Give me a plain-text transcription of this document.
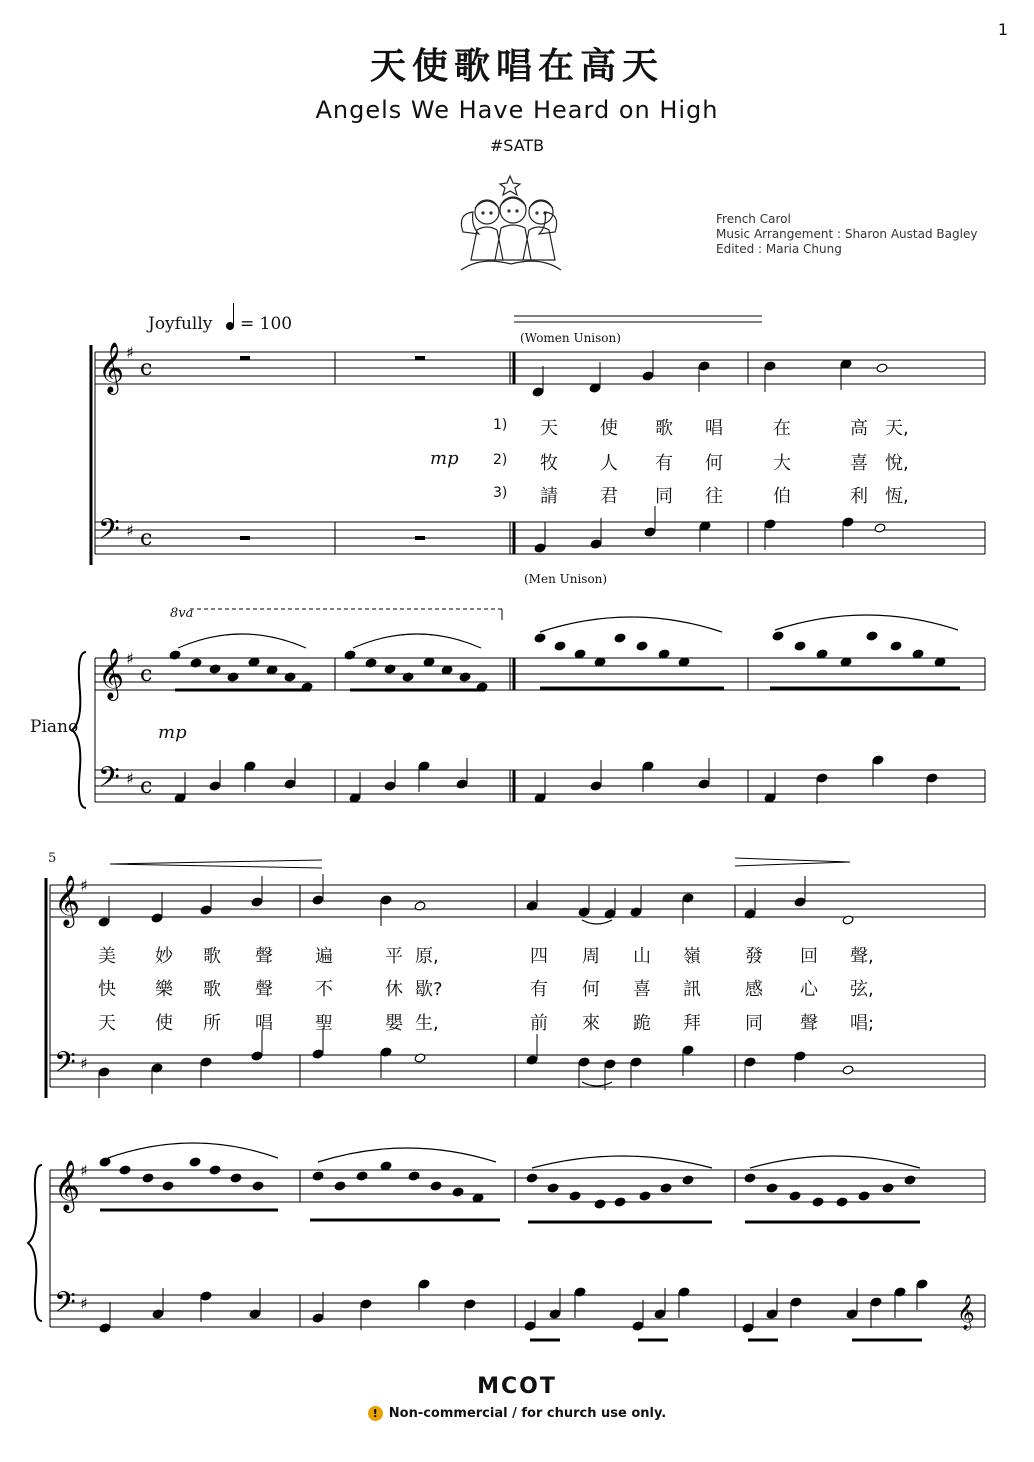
1
天使歌唱在高天
Angels We Have Heard on High
#SATB
French Carol
Music Arrangement : Sharon Austad Bagley
Edited : Maria Chung
Joyfully = 100
(Women Unison)
(Men Unison)
8va
mp
mp
Piano
5
1)
2)
3)
天 使 歌 唱	在	高 天,
牧 人 有 何	大	喜 悅,
請 君 同 往	伯	利 恆,
美 妙 歌 聲 遍	平 原,	四 周 山 嶺 發 回 聲,
快 樂 歌 聲 不	休 歇?	有 何 喜 訊 感 心 弦,
天 使 所 唱 聖	嬰 生,	前 來 跪 拜 同 聲 唱;
𝄞 ♯
c
𝄢 ♯ c
𝄞 ♯
c
𝄢 ♯ c
𝄞 ♯
𝄢 ♯
𝄞 ♯
𝄢 ♯	𝄞
MCOT
! Non-commercial / for church use only.
